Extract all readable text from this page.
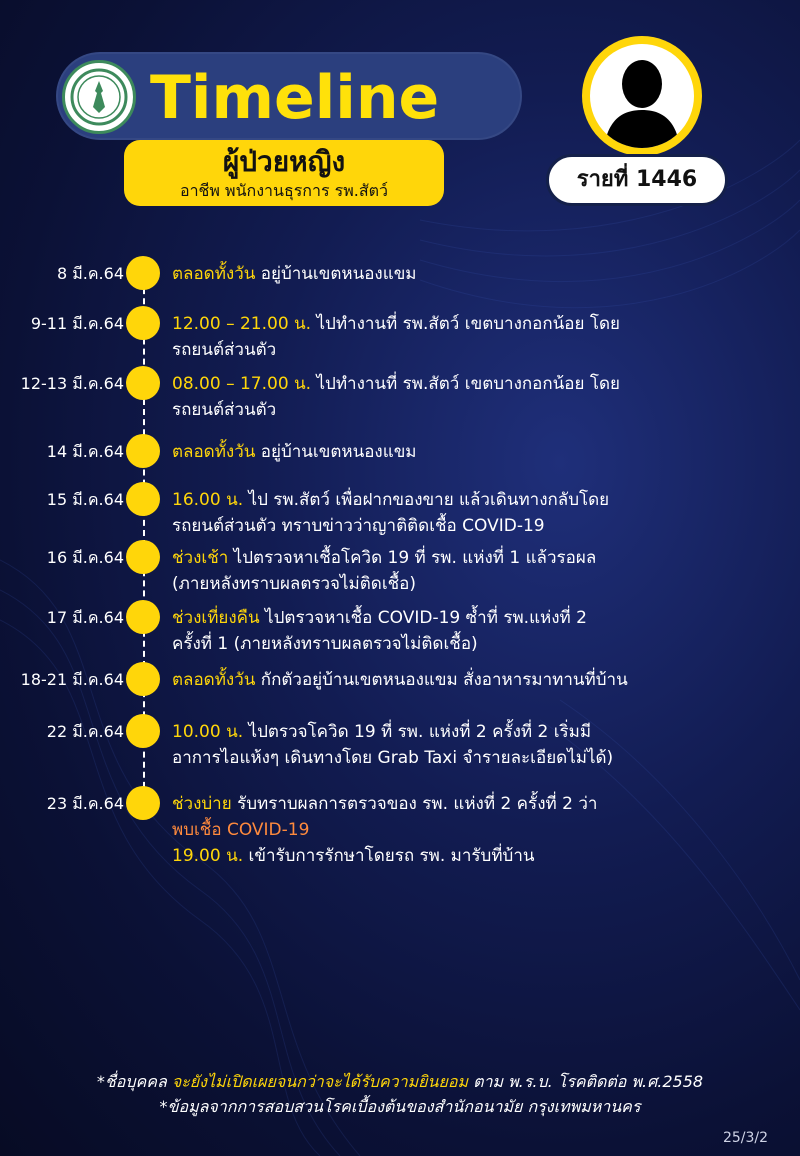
Timeline
ผู้ป่วยหญิง
อาชีพ พนักงานธุรการ รพ.สัตว์	รายที่ 1446
8 มี.ค.64	ตลอดทั้งวัน อยู่บ้านเขตหนองแขม
9-11 มี.ค.64	12.00 – 21.00 น. ไปทำงานที่ รพ.สัตว์ เขตบางกอกน้อย โดย
รถยนต์ส่วนตัว
12-13 มี.ค.64	08.00 – 17.00 น. ไปทำงานที่ รพ.สัตว์ เขตบางกอกน้อย โดย
รถยนต์ส่วนตัว
14 มี.ค.64	ตลอดทั้งวัน อยู่บ้านเขตหนองแขม
15 มี.ค.64	16.00 น. ไป รพ.สัตว์ เพื่อฝากของขาย แล้วเดินทางกลับโดย
รถยนต์ส่วนตัว ทราบข่าวว่าญาติติดเชื้อ COVID-19
16 มี.ค.64	ช่วงเช้า ไปตรวจหาเชื้อโควิด 19 ที่ รพ. แห่งที่ 1 แล้วรอผล
(ภายหลังทราบผลตรวจไม่ติดเชื้อ)
17 มี.ค.64	ช่วงเที่ยงคืน ไปตรวจหาเชื้อ COVID-19 ซ้ำที่ รพ.แห่งที่ 2
ครั้งที่ 1 (ภายหลังทราบผลตรวจไม่ติดเชื้อ)
18-21 มี.ค.64	ตลอดทั้งวัน กักตัวอยู่บ้านเขตหนองแขม สั่งอาหารมาทานที่บ้าน
22 มี.ค.64	10.00 น. ไปตรวจโควิด 19 ที่ รพ. แห่งที่ 2 ครั้งที่ 2 เริ่มมี
อาการไอแห้งๆ เดินทางโดย Grab Taxi จำรายละเอียดไม่ได้)
23 มี.ค.64	ช่วงบ่าย รับทราบผลการตรวจของ รพ. แห่งที่ 2 ครั้งที่ 2 ว่า
พบเชื้อ COVID-19
19.00 น. เข้ารับการรักษาโดยรถ รพ. มารับที่บ้าน
*ชื่อบุคคล จะยังไม่เปิดเผยจนกว่าจะได้รับความยินยอม ตาม พ.ร.บ. โรคติดต่อ พ.ศ.2558
*ข้อมูลจากการสอบสวนโรคเบื้องต้นของสำนักอนามัย กรุงเทพมหานคร
25/3/2
